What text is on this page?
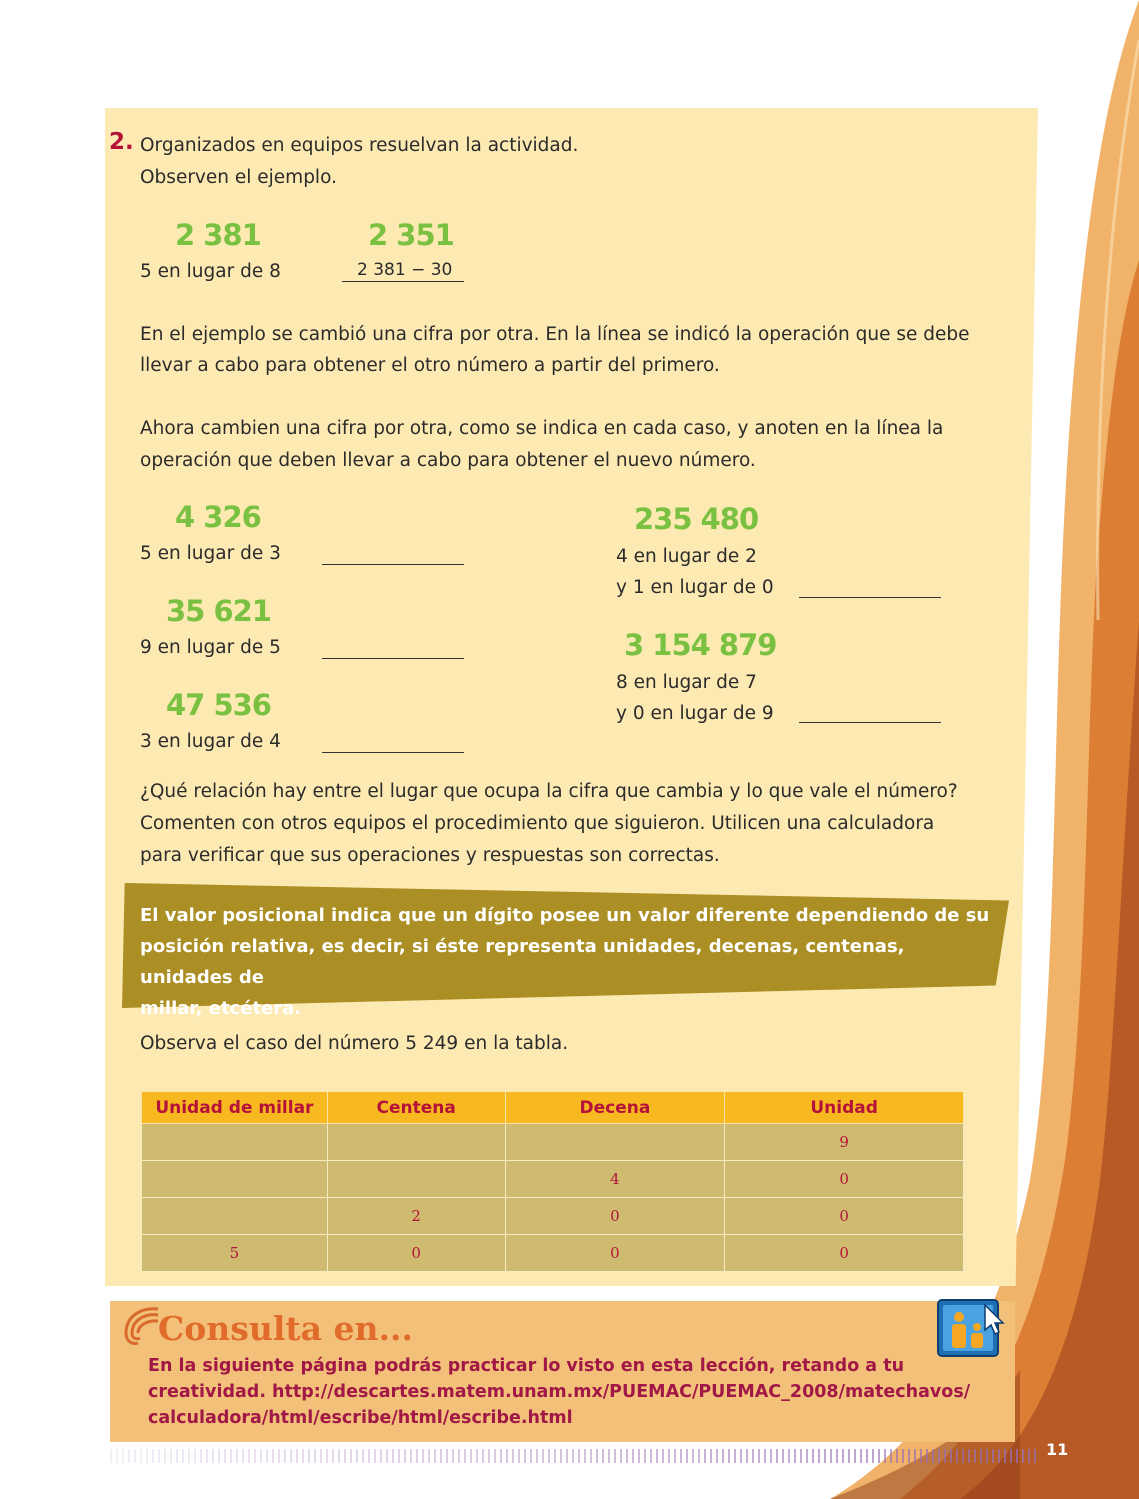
2. Organizados en equipos resuelvan la actividad.
Observen el ejemplo.
2 381	2 351
5 en lugar de 8	2 381 − 30
En el ejemplo se cambió una cifra por otra. En la línea se indicó la operación que se debe
llevar a cabo para obtener el otro número a partir del primero.
Ahora cambien una cifra por otra, como se indica en cada caso, y anoten en la línea la
operación que deben llevar a cabo para obtener el nuevo número.
4 326
5 en lugar de 3
35 621
9 en lugar de 5
47 536
3 en lugar de 4
235 480
4 en lugar de 2
y 1 en lugar de 0
3 154 879
8 en lugar de 7
y 0 en lugar de 9
¿Qué relación hay entre el lugar que ocupa la cifra que cambia y lo que vale el número?
Comenten con otros equipos el procedimiento que siguieron. Utilicen una calculadora
para verificar que sus operaciones y respuestas son correctas.
El valor posicional indica que un dígito posee un valor diferente dependiendo de su
posición relativa, es decir, si éste representa unidades, decenas, centenas, unidades de
millar, etcétera.
Observa el caso del número 5 249 en la tabla.
Unidad de millar	Centena	Decena	Unidad
			9
		4	0
	2	0	0
5	0	0	0
Consulta en...
En la siguiente página podrás practicar lo visto en esta lección, retando a tu
creatividad. http://descartes.matem.unam.mx/PUEMAC/PUEMAC_2008/matechavos/
calculadora/html/escribe/html/escribe.html
11
